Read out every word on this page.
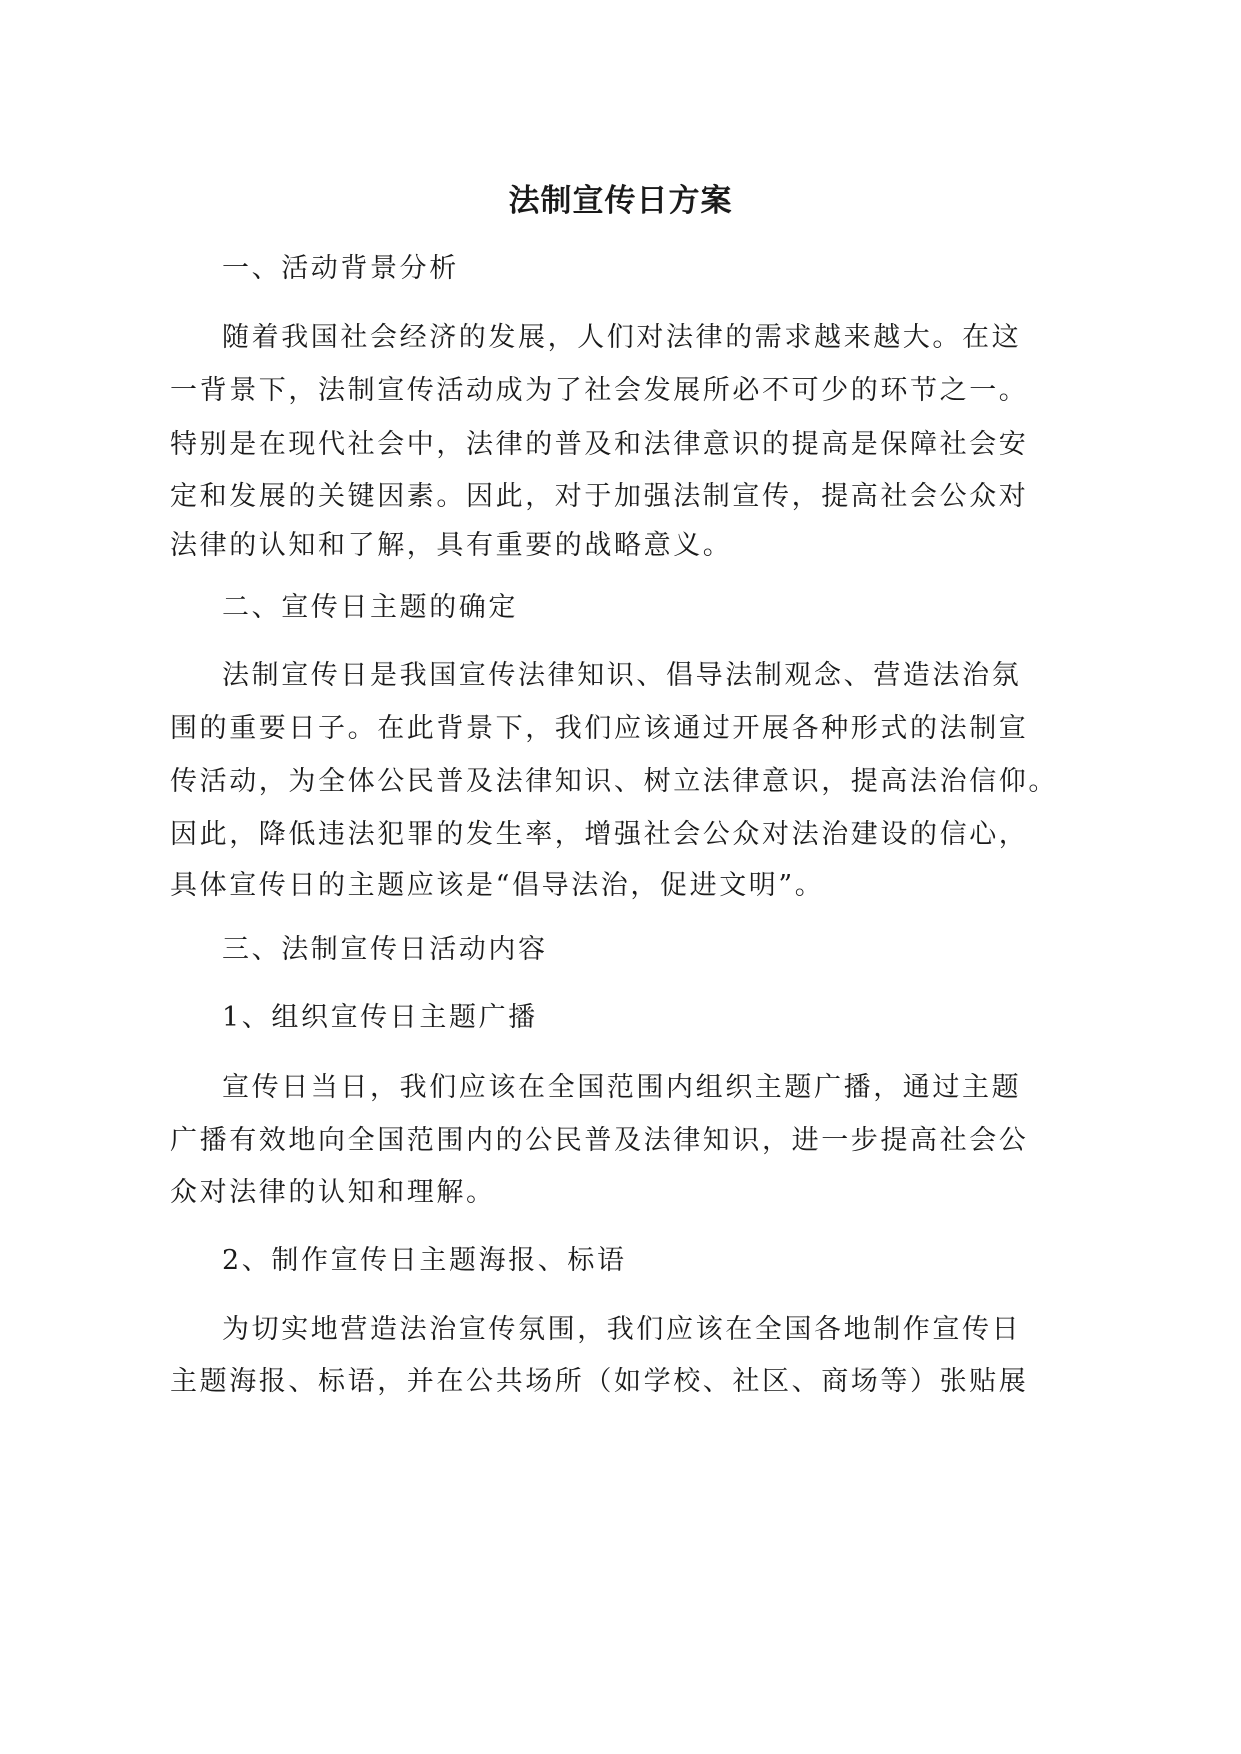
法制宣传日方案
一、活动背景分析
随着我国社会经济的发展，人们对法律的需求越来越大。在这
一背景下，法制宣传活动成为了社会发展所必不可少的环节之一。
特别是在现代社会中，法律的普及和法律意识的提高是保障社会安
定和发展的关键因素。因此，对于加强法制宣传，提高社会公众对
法律的认知和了解，具有重要的战略意义。
二、宣传日主题的确定
法制宣传日是我国宣传法律知识、倡导法制观念、营造法治氛
围的重要日子。在此背景下，我们应该通过开展各种形式的法制宣
传活动，为全体公民普及法律知识、树立法律意识，提高法治信仰。
因此，降低违法犯罪的发生率，增强社会公众对法治建设的信心，
具体宣传日的主题应该是“倡导法治，促进文明”。
三、法制宣传日活动内容
1、组织宣传日主题广播
宣传日当日，我们应该在全国范围内组织主题广播，通过主题
广播有效地向全国范围内的公民普及法律知识，进一步提高社会公
众对法律的认知和理解。
2、制作宣传日主题海报、标语
为切实地营造法治宣传氛围，我们应该在全国各地制作宣传日
主题海报、标语，并在公共场所（如学校、社区、商场等）张贴展
